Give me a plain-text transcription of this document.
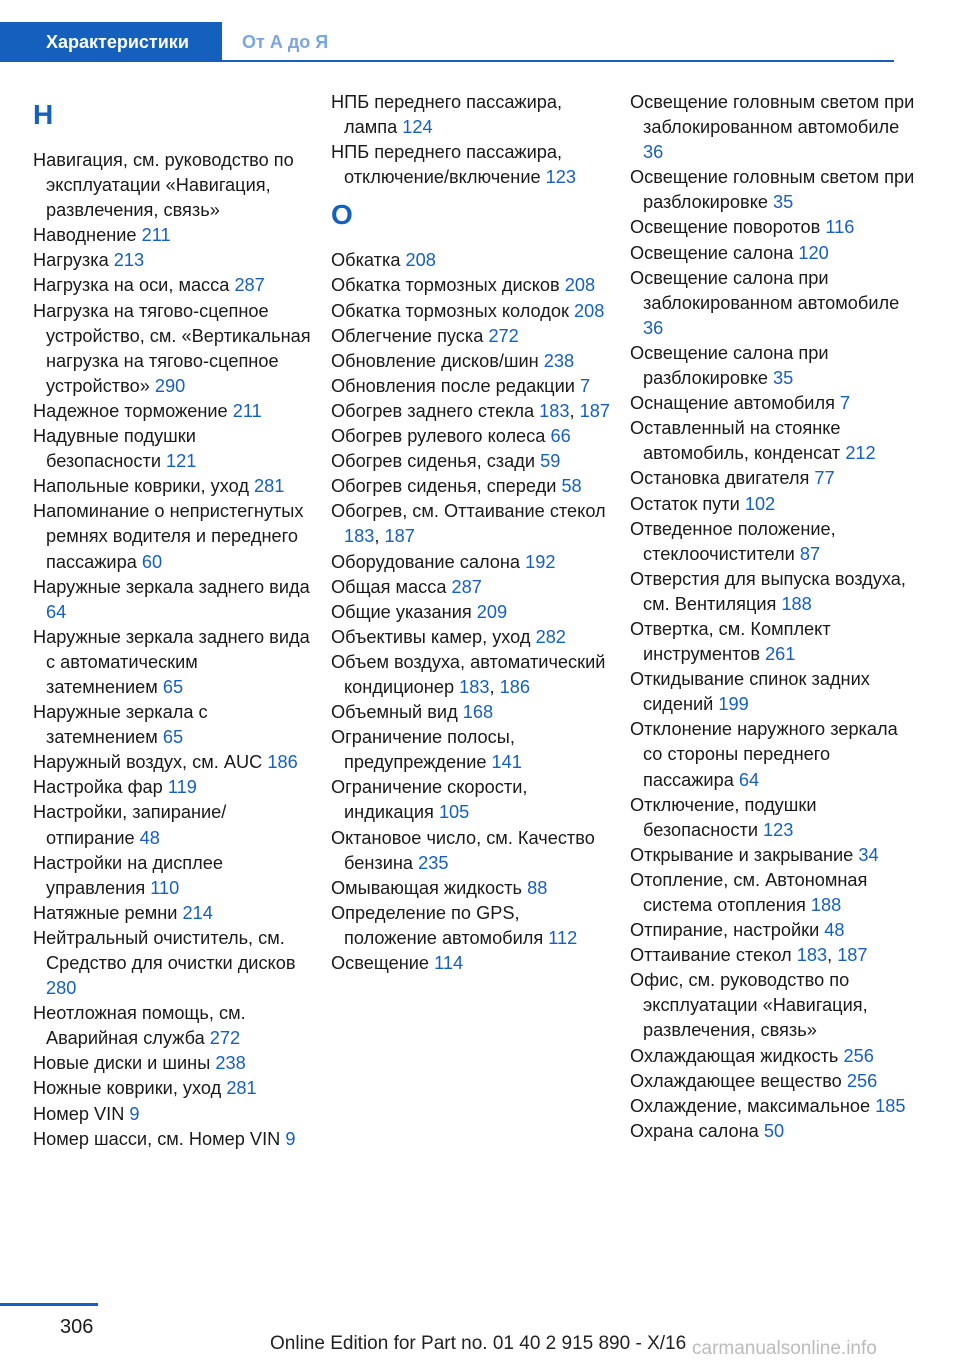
Характеристики	От А до Я
Н
Навигация, см. руководство по эксплуатации «Навигация, развлечения, связь»
Наводнение 211
Нагрузка 213
Нагрузка на оси, масса 287
Нагрузка на тягово-сцепное устройство, см. «Вертикальная нагрузка на тягово-сцепное устройство» 290
Надежное торможение 211
Надувные подушки безопасности 121
Напольные коврики, уход 281
Напоминание о непристегнутых ремнях водителя и переднего пассажира 60
Наружные зеркала заднего вида 64
Наружные зеркала заднего вида с автоматическим затемнением 65
Наружные зеркала с затемнением 65
Наружный воздух, см. AUC 186
Настройка фар 119
Настройки, запирание/отпирание 48
Настройки на дисплее управления 110
Натяжные ремни 214
Нейтральный очиститель, см. Средство для очистки дисков 280
Неотложная помощь, см. Аварийная служба 272
Новые диски и шины 238
Ножные коврики, уход 281
Номер VIN 9
Номер шасси, см. Номер VIN 9
НПБ переднего пассажира, лампа 124
НПБ переднего пассажира, отключение/включение 123
О
Обкатка 208
Обкатка тормозных дисков 208
Обкатка тормозных колодок 208
Облегчение пуска 272
Обновление дисков/шин 238
Обновления после редакции 7
Обогрев заднего стекла 183, 187
Обогрев рулевого колеса 66
Обогрев сиденья, сзади 59
Обогрев сиденья, спереди 58
Обогрев, см. Оттаивание стекол 183, 187
Оборудование салона 192
Общая масса 287
Общие указания 209
Объективы камер, уход 282
Объем воздуха, автоматический кондиционер 183, 186
Объемный вид 168
Ограничение полосы, предупреждение 141
Ограничение скорости, индикация 105
Октановое число, см. Качество бензина 235
Омывающая жидкость 88
Определение по GPS, положение автомобиля 112
Освещение 114
Освещение головным светом при заблокированном автомобиле 36
Освещение головным светом при разблокировке 35
Освещение поворотов 116
Освещение салона 120
Освещение салона при заблокированном автомобиле 36
Освещение салона при разблокировке 35
Оснащение автомобиля 7
Оставленный на стоянке автомобиль, конденсат 212
Остановка двигателя 77
Остаток пути 102
Отведенное положение, стеклоочистители 87
Отверстия для выпуска воздуха, см. Вентиляция 188
Отвертка, см. Комплект инструментов 261
Откидывание спинок задних сидений 199
Отклонение наружного зеркала со стороны переднего пассажира 64
Отключение, подушки безопасности 123
Открывание и закрывание 34
Отопление, см. Автономная система отопления 188
Отпирание, настройки 48
Оттаивание стекол 183, 187
Офис, см. руководство по эксплуатации «Навигация, развлечения, связь»
Охлаждающая жидкость 256
Охлаждающее вещество 256
Охлаждение, максимальное 185
Охрана салона 50
306
Online Edition for Part no. 01 40 2 915 890 - X/16 carmanualsonline.info
